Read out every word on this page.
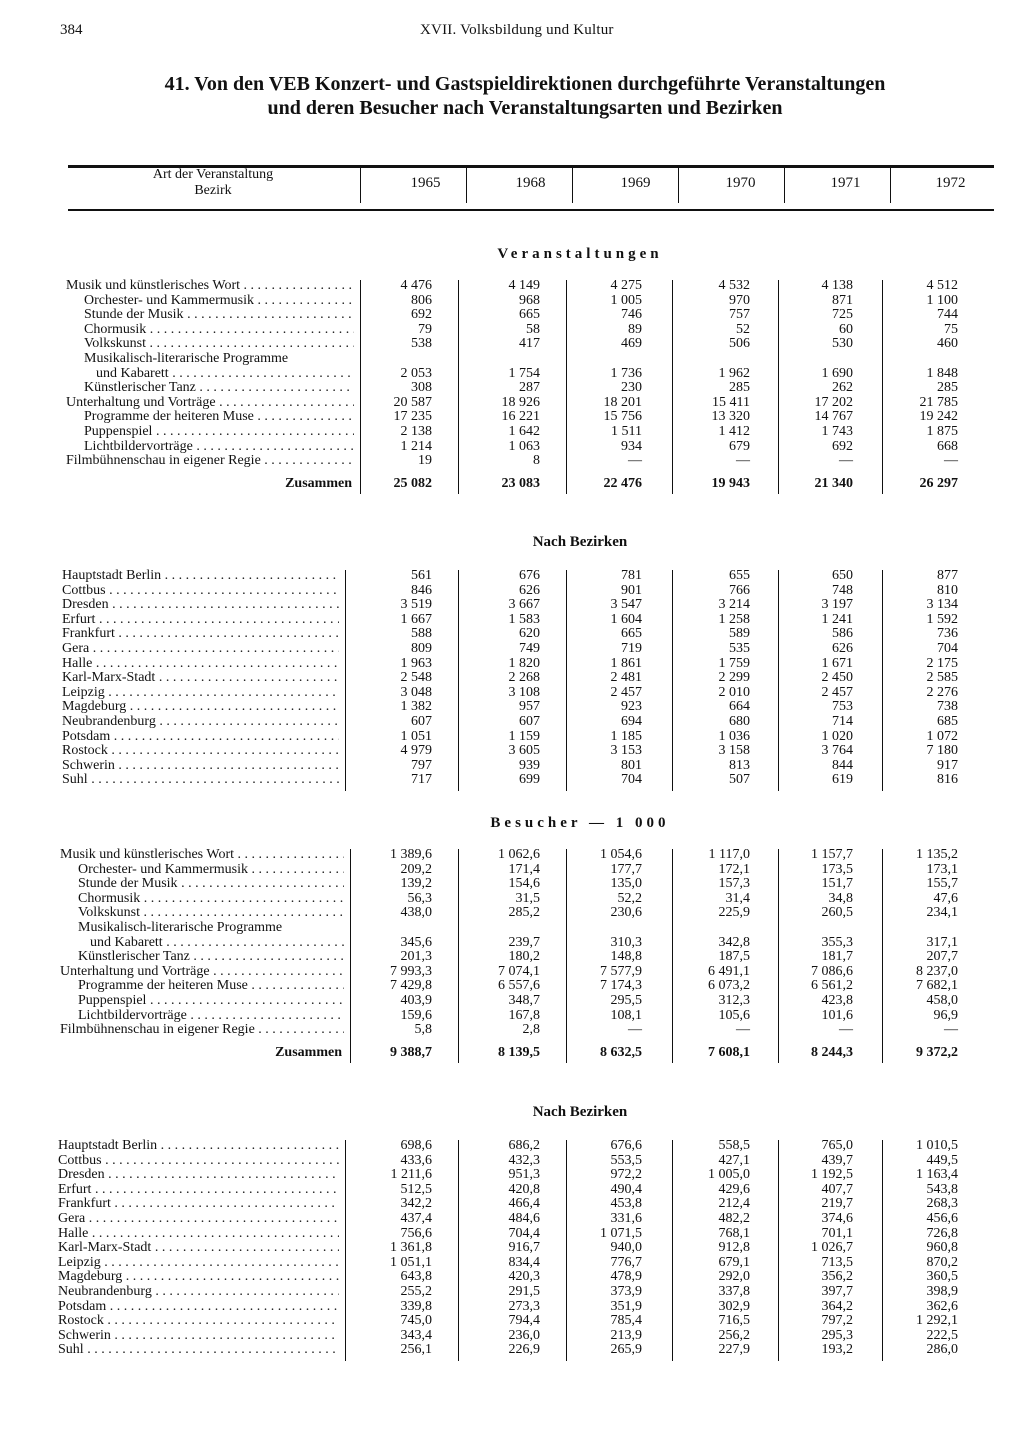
384	XVII. Volksbildung und Kultur
41. Von den VEB Konzert- und Gastspieldirektionen durchgeführte Veranstaltungen
und deren Besucher nach Veranstaltungsarten und Bezirken
Art der Veranstaltung
Bezirk	1965	1968	1969	1970	1971	1972
Veranstaltungen
Musik und künstlerisches Wort . . .	4 476	4 149	4 275	4 532	4 138	4 512
Orchester- und Kammermusik . . .	806	968	1 005	970	871	1 100
Stunde der Musik . . .	692	665	746	757	725	744
Chormusik . . .	79	58	89	52	60	75
Volkskunst . . .	538	417	469	506	530	460
Musikalisch-literarische Programme
und Kabarett . . .	2 053	1 754	1 736	1 962	1 690	1 848
Künstlerischer Tanz . . .	308	287	230	285	262	285
Unterhaltung und Vorträge . . .	20 587	18 926	18 201	15 411	17 202	21 785
Programme der heiteren Muse . . .	17 235	16 221	15 756	13 320	14 767	19 242
Puppenspiel . . .	2 138	1 642	1 511	1 412	1 743	1 875
Lichtbildervorträge . . .	1 214	1 063	934	679	692	668
Filmbühnenschau in eigener Regie . . .	19	8	—	—	—	—
Zusammen	25 082	23 083	22 476	19 943	21 340	26 297
Nach Bezirken
Hauptstadt Berlin . . .	561	676	781	655	650	877
Cottbus . . .	846	626	901	766	748	810
Dresden . . .	3 519	3 667	3 547	3 214	3 197	3 134
Erfurt . . .	1 667	1 583	1 604	1 258	1 241	1 592
Frankfurt . . .	588	620	665	589	586	736
Gera . . .	809	749	719	535	626	704
Halle . . .	1 963	1 820	1 861	1 759	1 671	2 175
Karl-Marx-Stadt . . .	2 548	2 268	2 481	2 299	2 450	2 585
Leipzig . . .	3 048	3 108	2 457	2 010	2 457	2 276
Magdeburg . . .	1 382	957	923	664	753	738
Neubrandenburg . . .	607	607	694	680	714	685
Potsdam . . .	1 051	1 159	1 185	1 036	1 020	1 072
Rostock . . .	4 979	3 605	3 153	3 158	3 764	7 180
Schwerin . . .	797	939	801	813	844	917
Suhl . . .	717	699	704	507	619	816
Besucher — 1 000
Musik und künstlerisches Wort . . .	1 389,6	1 062,6	1 054,6	1 117,0	1 157,7	1 135,2
Orchester- und Kammermusik . . .	209,2	171,4	177,7	172,1	173,5	173,1
Stunde der Musik . . .	139,2	154,6	135,0	157,3	151,7	155,7
Chormusik . . .	56,3	31,5	52,2	31,4	34,8	47,6
Volkskunst . . .	438,0	285,2	230,6	225,9	260,5	234,1
Musikalisch-literarische Programme
und Kabarett . . .	345,6	239,7	310,3	342,8	355,3	317,1
Künstlerischer Tanz . . .	201,3	180,2	148,8	187,5	181,7	207,7
Unterhaltung und Vorträge . . .	7 993,3	7 074,1	7 577,9	6 491,1	7 086,6	8 237,0
Programme der heiteren Muse . . .	7 429,8	6 557,6	7 174,3	6 073,2	6 561,2	7 682,1
Puppenspiel . . .	403,9	348,7	295,5	312,3	423,8	458,0
Lichtbildervorträge . . .	159,6	167,8	108,1	105,6	101,6	96,9
Filmbühnenschau in eigener Regie . . .	5,8	2,8	—	—	—	—
Zusammen	9 388,7	8 139,5	8 632,5	7 608,1	8 244,3	9 372,2
Nach Bezirken
Hauptstadt Berlin . . .	698,6	686,2	676,6	558,5	765,0	1 010,5
Cottbus . . .	433,6	432,3	553,5	427,1	439,7	449,5
Dresden . . .	1 211,6	951,3	972,2	1 005,0	1 192,5	1 163,4
Erfurt . . .	512,5	420,8	490,4	429,6	407,7	543,8
Frankfurt . . .	342,2	466,4	453,8	212,4	219,7	268,3
Gera . . .	437,4	484,6	331,6	482,2	374,6	456,6
Halle . . .	756,6	704,4	1 071,5	768,1	701,1	726,8
Karl-Marx-Stadt . . .	1 361,8	916,7	940,0	912,8	1 026,7	960,8
Leipzig . . .	1 051,1	834,4	776,7	679,1	713,5	870,2
Magdeburg . . .	643,8	420,3	478,9	292,0	356,2	360,5
Neubrandenburg . . .	255,2	291,5	373,9	337,8	397,7	398,9
Potsdam . . .	339,8	273,3	351,9	302,9	364,2	362,6
Rostock . . .	745,0	794,4	785,4	716,5	797,2	1 292,1
Schwerin . . .	343,4	236,0	213,9	256,2	295,3	222,5
Suhl . . .	256,1	226,9	265,9	227,9	193,2	286,0
